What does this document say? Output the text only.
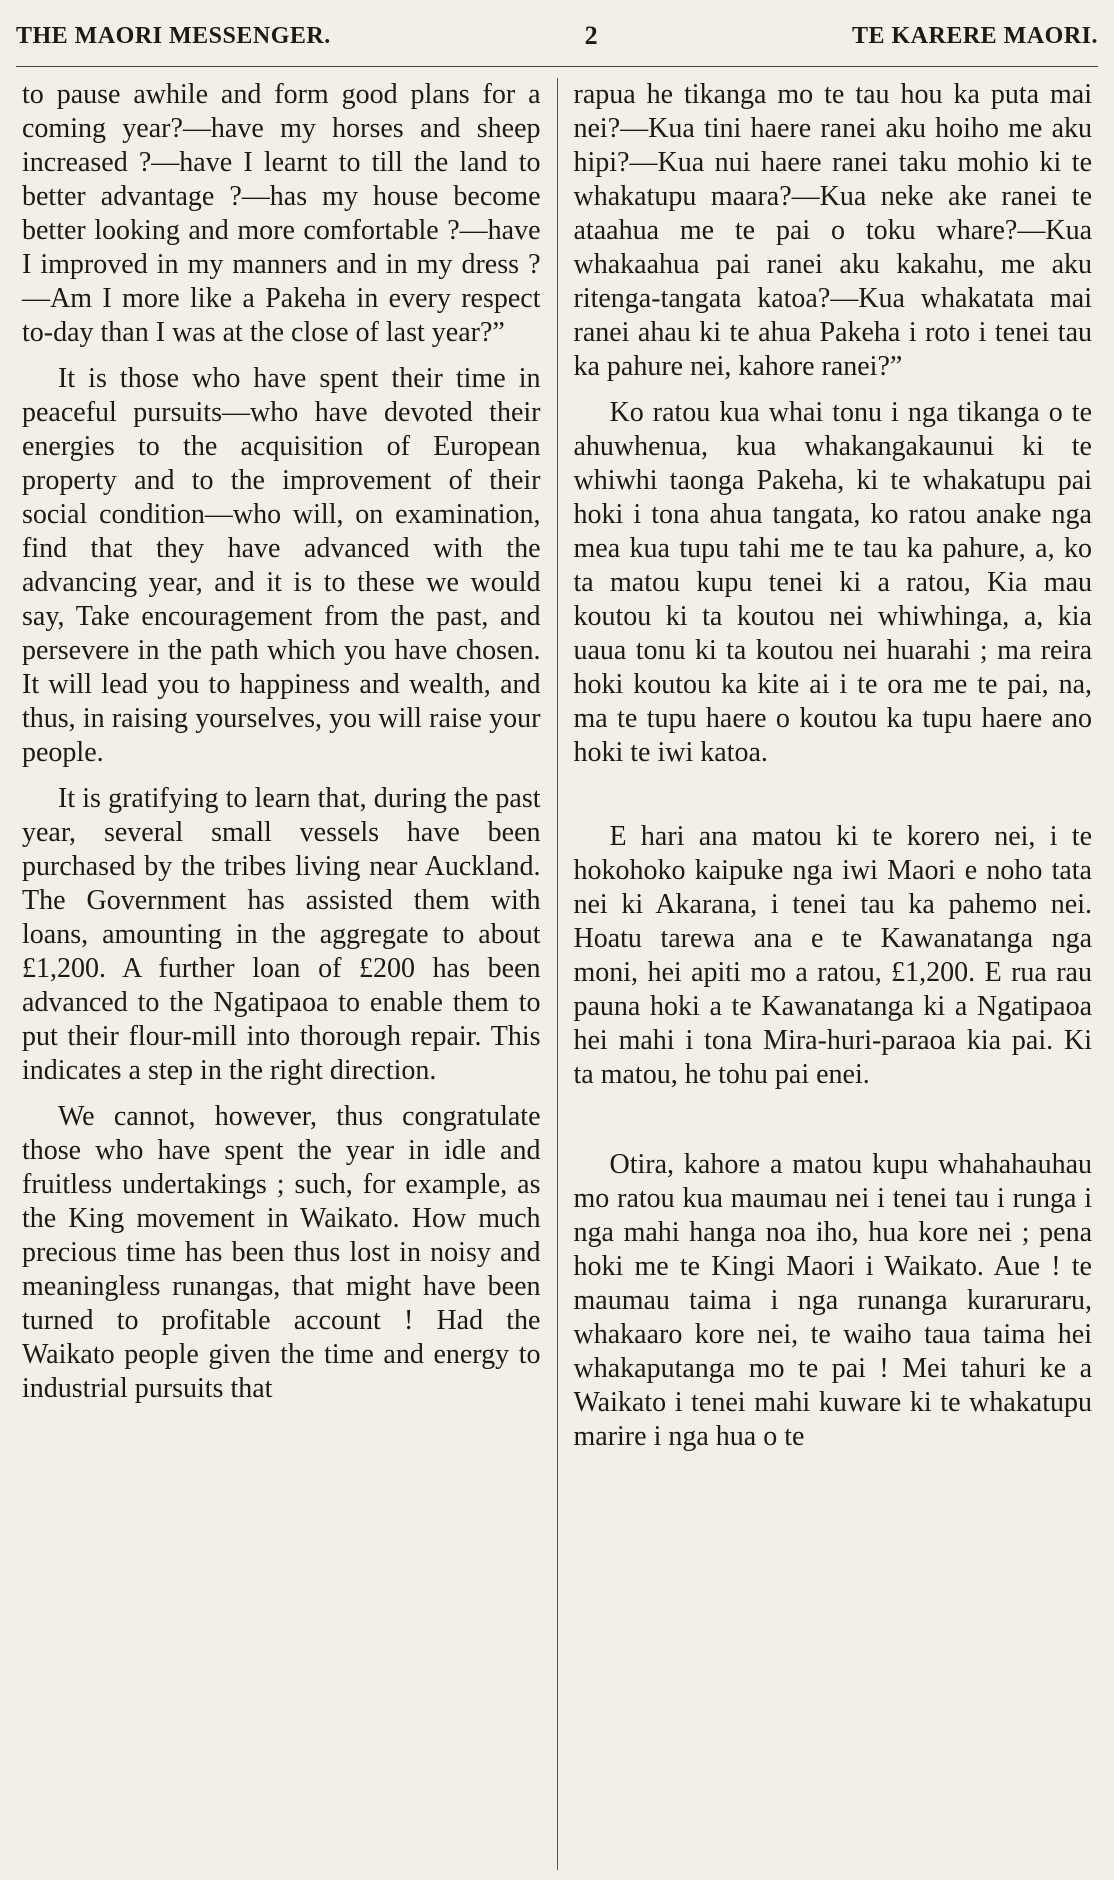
THE MAORI MESSENGER.	2	TE KARERE MAORI.

to pause awhile and form good plans for a coming year?—have my horses and sheep increased ?—have I learnt to till the land to better advantage ?—has my house become better looking and more comfortable ?—have I improved in my manners and in my dress ?—Am I more like a Pakeha in every respect to-day than I was at the close of last year?”

It is those who have spent their time in peaceful pursuits—who have devoted their energies to the acquisition of European property and to the improvement of their social condition—who will, on examination, find that they have advanced with the advancing year, and it is to these we would say, Take encouragement from the past, and persevere in the path which you have chosen. It will lead you to happiness and wealth, and thus, in raising yourselves, you will raise your people.

It is gratifying to learn that, during the past year, several small vessels have been purchased by the tribes living near Auckland. The Government has assisted them with loans, amounting in the aggregate to about £1,200. A further loan of £200 has been advanced to the Ngatipaoa to enable them to put their flour-mill into thorough repair. This indicates a step in the right direction.

We cannot, however, thus congratulate those who have spent the year in idle and fruitless undertakings ; such, for example, as the King movement in Waikato. How much precious time has been thus lost in noisy and meaningless runangas, that might have been turned to profitable account ! Had the Waikato people given the time and energy to industrial pursuits that

rapua he tikanga mo te tau hou ka puta mai nei?—Kua tini haere ranei aku hoiho me aku hipi?—Kua nui haere ranei taku mohio ki te whakatupu maara?—Kua neke ake ranei te ataahua me te pai o toku whare?—Kua whakaahua pai ranei aku kakahu, me aku ritenga-tangata katoa?—Kua whakatata mai ranei ahau ki te ahua Pakeha i roto i tenei tau ka pahure nei, kahore ranei?”

Ko ratou kua whai tonu i nga tikanga o te ahuwhenua, kua whakangakaunui ki te whiwhi taonga Pakeha, ki te whakatupu pai hoki i tona ahua tangata, ko ratou anake nga mea kua tupu tahi me te tau ka pahure, a, ko ta matou kupu tenei ki a ratou, Kia mau koutou ki ta koutou nei whiwhinga, a, kia uaua tonu ki ta koutou nei huarahi ; ma reira hoki koutou ka kite ai i te ora me te pai, na, ma te tupu haere o koutou ka tupu haere ano hoki te iwi katoa.

E hari ana matou ki te korero nei, i te hokohoko kaipuke nga iwi Maori e noho tata nei ki Akarana, i tenei tau ka pahemo nei. Hoatu tarewa ana e te Kawanatanga nga moni, hei apiti mo a ratou, £1,200. E rua rau pauna hoki a te Kawanatanga ki a Ngatipaoa hei mahi i tona Mira-huri-paraoa kia pai. Ki ta matou, he tohu pai enei.

Otira, kahore a matou kupu whahahauhau mo ratou kua maumau nei i tenei tau i runga i nga mahi hanga noa iho, hua kore nei ; pena hoki me te Kingi Maori i Waikato. Aue ! te maumau taima i nga runanga kuraruraru, whakaaro kore nei, te waiho taua taima hei whakaputanga mo te pai ! Mei tahuri ke a Waikato i tenei mahi kuware ki te whakatupu marire i nga hua o te
